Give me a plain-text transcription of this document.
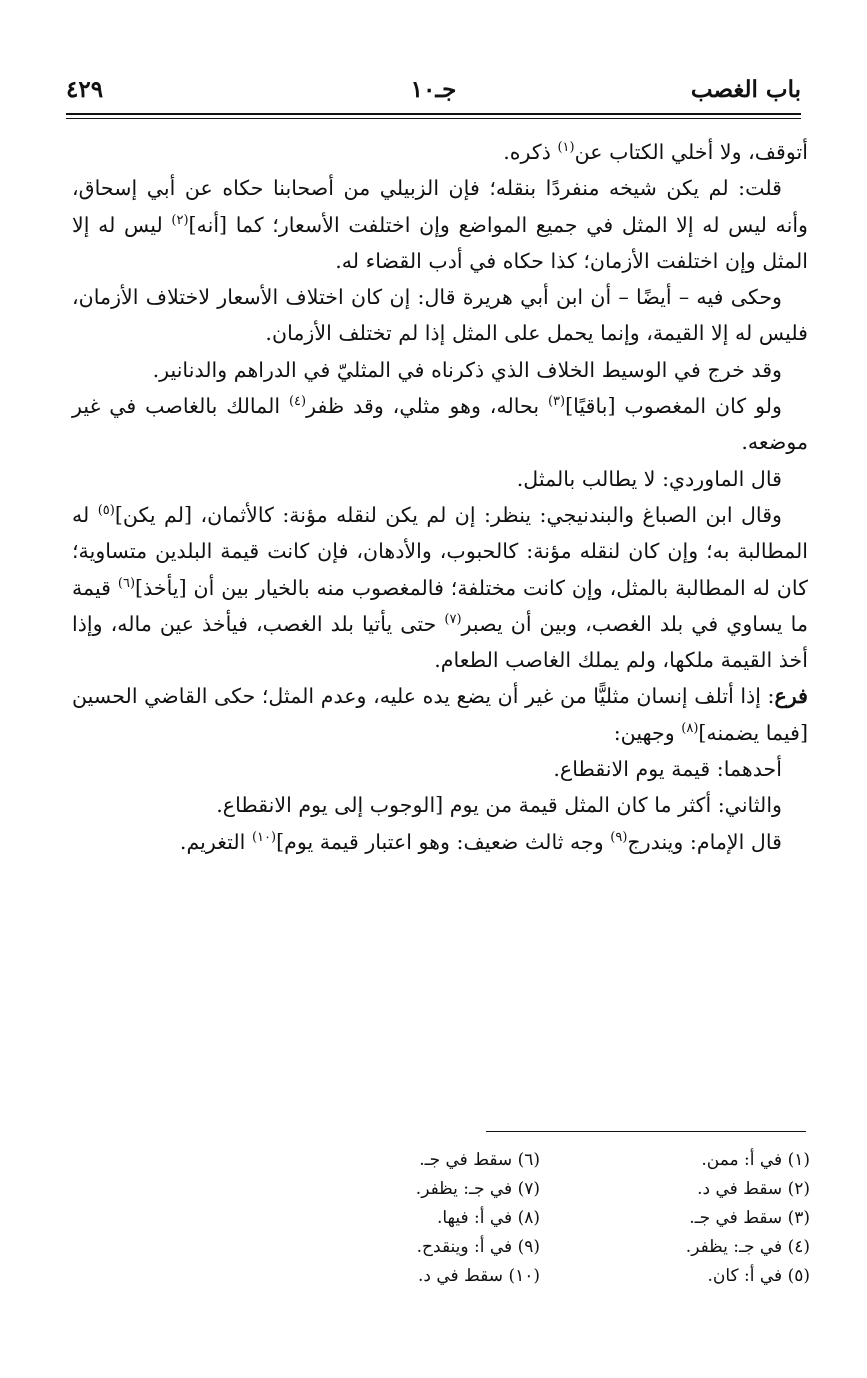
باب الغصب
جـ١٠
٤٢٩

أتوقف، ولا أخلي الكتاب عن$^{(١)}$ ذكره.

قلت: لم يكن شيخه منفردًا بنقله؛ فإن الزبيلي من أصحابنا حكاه عن أبي إسحاق، وأنه ليس له إلا المثل في جميع المواضع وإن اختلفت الأسعار؛ كما [أنه]$^{(٢)}$ ليس له إلا المثل وإن اختلفت الأزمان؛ كذا حكاه في أدب القضاء له.

وحكى فيه – أيضًا – أن ابن أبي هريرة قال: إن كان اختلاف الأسعار لاختلاف الأزمان، فليس له إلا القيمة، وإنما يحمل على المثل إذا لم تختلف الأزمان.

وقد خرج في الوسيط الخلاف الذي ذكرناه في المثليّ في الدراهم والدنانير.

ولو كان المغصوب [باقيًا]$^{(٣)}$ بحاله، وهو مثلي، وقد ظفر$^{(٤)}$ المالك بالغاصب في غير موضعه.

قال الماوردي: لا يطالب بالمثل.

وقال ابن الصباغ والبندنيجي: ينظر: إن لم يكن لنقله مؤنة: كالأثمان، [لم يكن]$^{(٥)}$ له المطالبة به؛ وإن كان لنقله مؤنة: كالحبوب، والأدهان، فإن كانت قيمة البلدين متساوية؛ كان له المطالبة بالمثل، وإن كانت مختلفة؛ فالمغصوب منه بالخيار بين أن [يأخذ]$^{(٦)}$ قيمة ما يساوي في بلد الغصب، وبين أن يصبر$^{(٧)}$ حتى يأتيا بلد الغصب، فيأخذ عين ماله، وإذا أخذ القيمة ملكها، ولم يملك الغاصب الطعام.

فرع: إذا أتلف إنسان مثليًّا من غير أن يضع يده عليه، وعدم المثل؛ حكى القاضي الحسين [فيما يضمنه]$^{(٨)}$ وجهين:

أحدهما: قيمة يوم الانقطاع.

والثاني: أكثر ما كان المثل قيمة من يوم [الوجوب إلى يوم الانقطاع.

قال الإمام: ويندرج$^{(٩)}$ وجه ثالث ضعيف: وهو اعتبار قيمة يوم]$^{(١٠)}$ التغريم.

(١) في أ: ممن.
(٢) سقط في د.
(٣) سقط في جـ.
(٤) في جـ: يظفر.
(٥) في أ: كان.
(٦) سقط في جـ.
(٧) في جـ: يظفر.
(٨) في أ: فيها.
(٩) في أ: وينقدح.
(١٠) سقط في د.
